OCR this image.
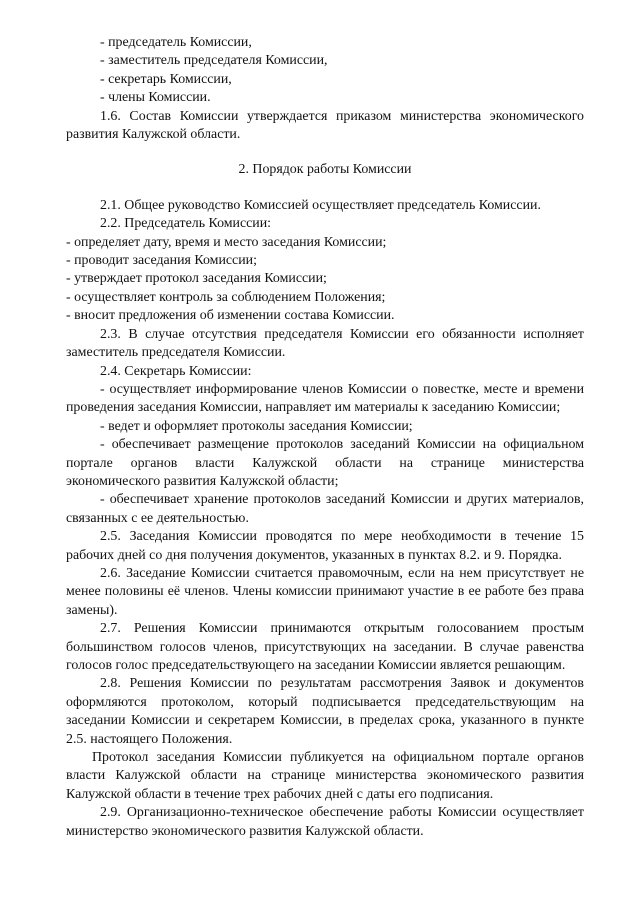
- председатель Комиссии,

- заместитель председателя Комиссии,

- секретарь Комиссии,

- члены Комиссии.

1.6. Состав Комиссии утверждается приказом министерства экономического

развития Калужской области.

2. Порядок работы Комиссии

2.1. Общее руководство Комиссией осуществляет председатель Комиссии.

2.2. Председатель Комиссии:

- определяет дату, время и место заседания Комиссии;

- проводит заседания Комиссии;

- утверждает протокол заседания Комиссии;

- осуществляет контроль за соблюдением Положения;

- вносит предложения об изменении состава Комиссии.

2.3. В случае отсутствия председателя Комиссии его обязанности исполняет

заместитель председателя Комиссии.

2.4. Секретарь Комиссии:

- осуществляет информирование членов Комиссии о повестке, месте и времени

проведения заседания Комиссии, направляет им материалы к заседанию Комиссии;

- ведет и оформляет протоколы заседания Комиссии;

- обеспечивает размещение протоколов заседаний Комиссии на официальном

портале органов власти Калужской области на странице министерства

экономического развития Калужской области;

- обеспечивает хранение протоколов заседаний Комиссии и других материалов,

связанных с ее деятельностью.

2.5. Заседания Комиссии проводятся по мере необходимости в течение 15

рабочих дней со дня получения документов, указанных в пунктах 8.2. и 9. Порядка.

2.6. Заседание Комиссии считается правомочным, если на нем присутствует не

менее половины её членов. Члены комиссии принимают участие в ее работе без права

замены).

2.7. Решения Комиссии принимаются открытым голосованием простым

большинством голосов членов, присутствующих на заседании. В случае равенства

голосов голос председательствующего на заседании Комиссии является решающим.

2.8. Решения Комиссии по результатам рассмотрения Заявок и документов

оформляются протоколом, который подписывается председательствующим на

заседании Комиссии и секретарем Комиссии, в пределах срока, указанного в пункте

2.5. настоящего Положения.

Протокол заседания Комиссии публикуется на официальном портале органов

власти Калужской области на странице министерства экономического развития

Калужской области в течение трех рабочих дней с даты его подписания.

2.9. Организационно-техническое обеспечение работы Комиссии осуществляет

министерство экономического развития Калужской области.
